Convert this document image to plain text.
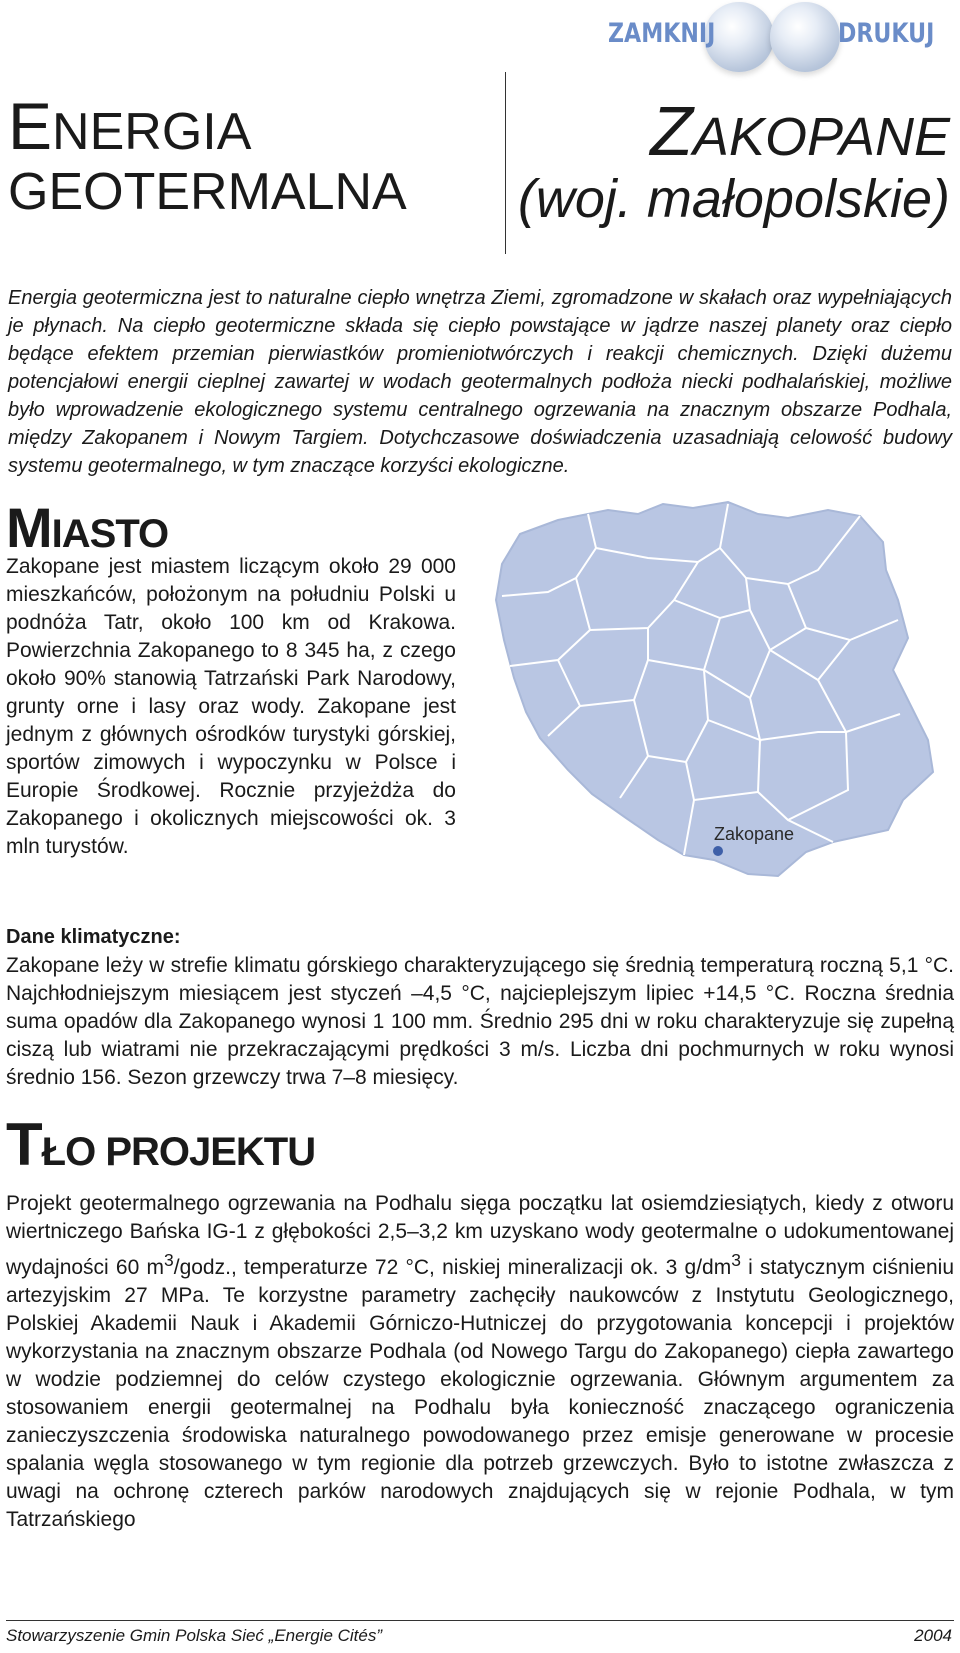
ZAMKNIJ	DRUKUJ
ENERGIA
GEOTERMALNA
ZAKOPANE
(woj. małopolskie)
Energia geotermiczna jest to naturalne ciepło wnętrza Ziemi, zgromadzone w skałach oraz wypełniających je płynach. Na ciepło geotermiczne składa się ciepło powstające w jądrze naszej planety oraz ciepło będące efektem przemian pierwiastków promieniotwórczych i reakcji chemicznych. Dzięki dużemu potencjałowi energii cieplnej zawartej w wodach geotermalnych podłoża niecki podhalańskiej, możliwe było wprowadzenie ekologicznego systemu centralnego ogrzewania na znacznym obszarze Podhala, między Zakopanem i Nowym Targiem. Dotychczasowe doświadczenia uzasadniają celowość budowy systemu geotermalnego, w tym znaczące korzyści ekologiczne.
MIASTO
Zakopane jest miastem liczącym około 29 000 mieszkańców, położonym na południu Polski u podnóża Tatr, około 100 km od Krakowa. Powierzchnia Zakopanego to 8 345 ha, z czego około 90% stanowią Tatrzański Park Narodowy, grunty orne i lasy oraz wody. Zakopane jest jednym z głównych ośrodków turystyki górskiej, sportów zimowych i wypoczynku w Polsce i Europie Środkowej. Rocznie przyjeżdża do Zakopanego i okolicznych miejscowości ok. 3 mln turystów.
Zakopane
Dane klimatyczne:
Zakopane leży w strefie klimatu górskiego charakteryzującego się średnią temperaturą roczną 5,1 °C. Najchłodniejszym miesiącem jest styczeń –4,5 °C, najcieplejszym lipiec +14,5 °C. Roczna średnia suma opadów dla Zakopanego wynosi 1 100 mm. Średnio 295 dni w roku charakteryzuje się zupełną ciszą lub wiatrami nie przekraczającymi prędkości 3 m/s. Liczba dni pochmurnych w roku wynosi średnio 156. Sezon grzewczy trwa 7–8 miesięcy.
TŁO PROJEKTU
Projekt geotermalnego ogrzewania na Podhalu sięga początku lat osiemdziesiątych, kiedy z otworu wiertniczego Bańska IG-1 z głębokości 2,5–3,2 km uzyskano wody geotermalne o udokumentowanej wydajności 60 $m^3$/godz., temperaturze 72 °C, niskiej mineralizacji ok. 3 $g/dm^3$ i statycznym ciśnieniu artezyjskim 27 MPa. Te korzystne parametry zachęciły naukowców z Instytutu Geologicznego, Polskiej Akademii Nauk i Akademii Górniczo-Hutniczej do przygotowania koncepcji i projektów wykorzystania na znacznym obszarze Podhala (od Nowego Targu do Zakopanego) ciepła zawartego w wodzie podziemnej do celów czystego ekologicznie ogrzewania. Głównym argumentem za stosowaniem energii geotermalnej na Podhalu była konieczność znaczącego ograniczenia zanieczyszczenia środowiska naturalnego powodowanego przez emisje generowane w procesie spalania węgla stosowanego w tym regionie dla potrzeb grzewczych. Było to istotne zwłaszcza z uwagi na ochronę czterech parków narodowych znajdujących się w rejonie Podhala, w tym Tatrzańskiego
Stowarzyszenie Gmin Polska Sieć „Energie Cités”	2004
